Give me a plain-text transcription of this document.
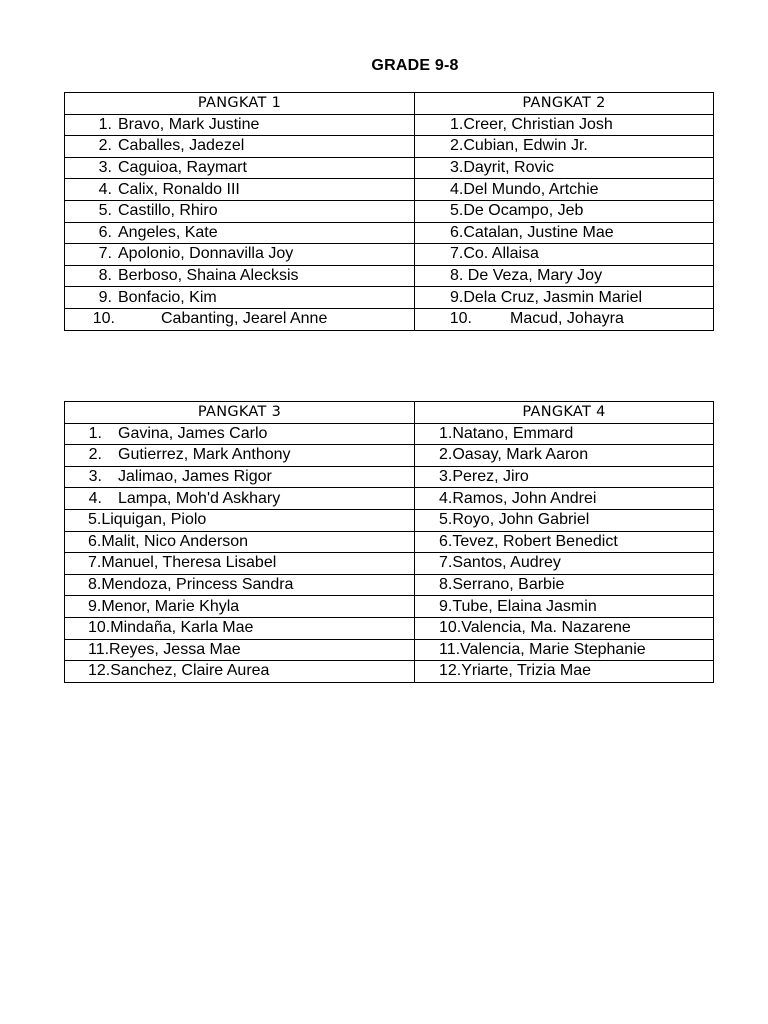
GRADE 9-8
PANGKAT 1	PANGKAT 2
1. Bravo, Mark Justine	1.Creer, Christian Josh
2. Caballes, Jadezel	2.Cubian, Edwin Jr.
3. Caguioa, Raymart	3.Dayrit, Rovic
4. Calix, Ronaldo III	4.Del Mundo, Artchie
5. Castillo, Rhiro	5.De Ocampo, Jeb
6. Angeles, Kate	6.Catalan, Justine Mae
7. Apolonio, Donnavilla Joy	7.Co. Allaisa
8. Berboso, Shaina Alecksis	8. De Veza, Mary Joy
9. Bonfacio, Kim	9.Dela Cruz, Jasmin Mariel
10. Cabanting, Jearel Anne	10. Macud, Johayra
PANGKAT 3	PANGKAT 4
1. Gavina, James Carlo	1.Natano, Emmard
2. Gutierrez, Mark Anthony	2.Oasay, Mark Aaron
3. Jalimao, James Rigor	3.Perez, Jiro
4. Lampa, Moh'd Askhary	4.Ramos, John Andrei
5.Liquigan, Piolo	5.Royo, John Gabriel
6.Malit, Nico Anderson	6.Tevez, Robert Benedict
7.Manuel, Theresa Lisabel	7.Santos, Audrey
8.Mendoza, Princess Sandra	8.Serrano, Barbie
9.Menor, Marie Khyla	9.Tube, Elaina Jasmin
10.Mindaña, Karla Mae	10.Valencia, Ma. Nazarene
11.Reyes, Jessa Mae	11.Valencia, Marie Stephanie
12.Sanchez, Claire Aurea	12.Yriarte, Trizia Mae
